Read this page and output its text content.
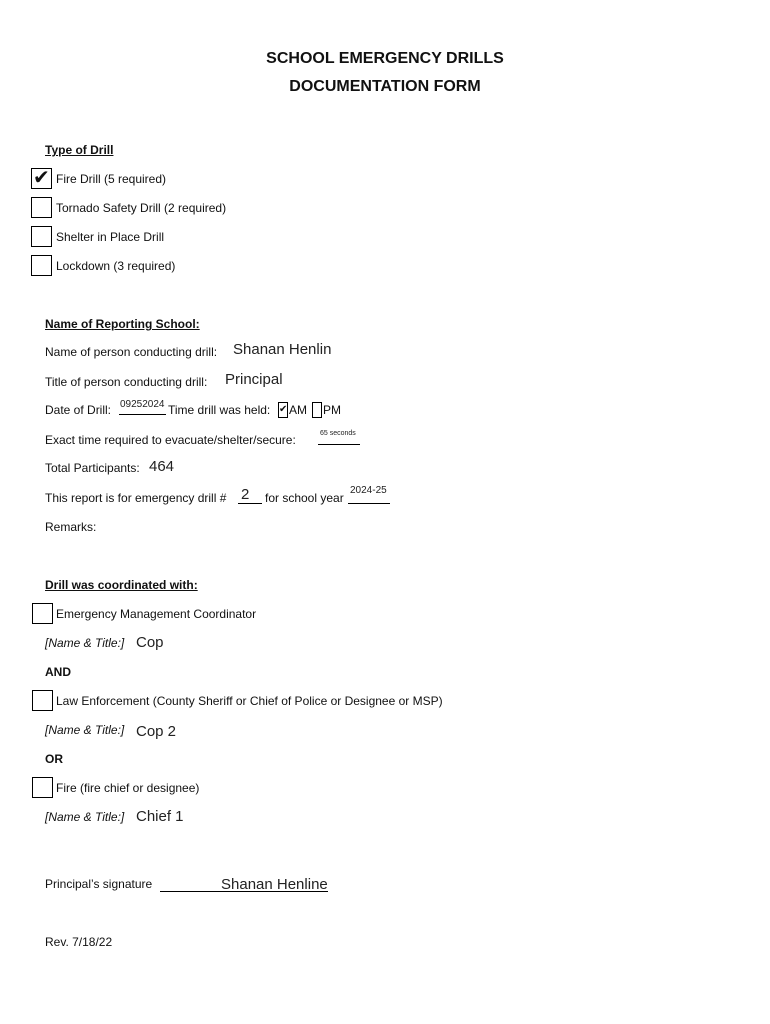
SCHOOL EMERGENCY DRILLS
DOCUMENTATION FORM
Type of Drill
✔ Fire Drill (5 required)
Tornado Safety Drill (2 required)
Shelter in Place Drill
Lockdown (3 required)
Name of Reporting School:
Name of person conducting drill: Shanan Henlin
Title of person conducting drill: Principal
Date of Drill: 09252024 Time drill was held: ✔ AM PM
Exact time required to evacuate/shelter/secure:	65 seconds
Total Participants: 464
This report is for emergency drill # 2 for school year
2024-25
Remarks:
Drill was coordinated with:
Emergency Management Coordinator
[Name & Title:] Cop
AND
Law Enforcement (County Sheriff or Chief of Police or Designee or MSP)
[Name & Title:] Cop 2
OR
Fire (fire chief or designee)
[Name & Title:] Chief 1
Principal’s signature	Shanan Henline
Rev. 7/18/22
